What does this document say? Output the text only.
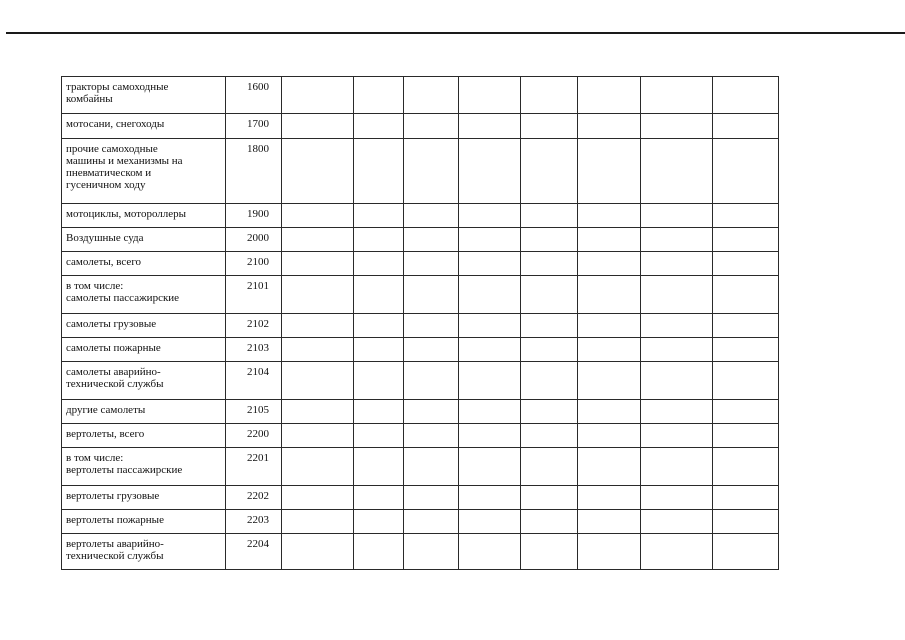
тракторы самоходные
комбайны	1600								
мотосани, снегоходы	1700								
прочие самоходные
машины и механизмы на
пневматическом и
гусеничном ходу	1800								
мотоциклы, мотороллеры	1900								
Воздушные суда	2000								
самолеты, всего	2100								
в том числе:
самолеты пассажирские	2101								
самолеты грузовые	2102								
самолеты пожарные	2103								
самолеты аварийно-
технической службы	2104								
другие самолеты	2105								
вертолеты, всего	2200								
в том числе:
вертолеты пассажирские	2201								
вертолеты грузовые	2202								
вертолеты пожарные	2203								
вертолеты аварийно-
технической службы	2204								
